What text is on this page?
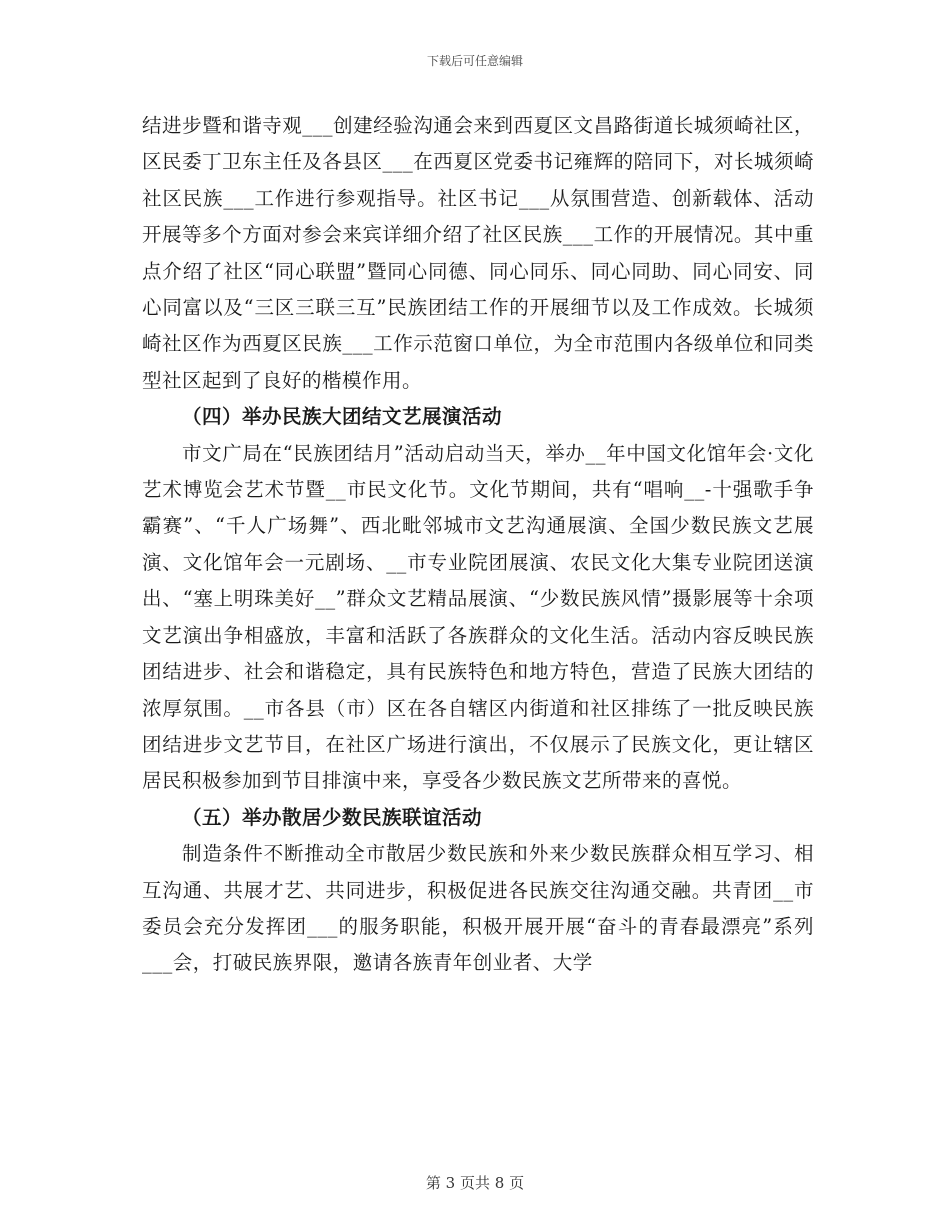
下载后可任意编辑

结进步暨和谐寺观___创建经验沟通会来到西夏区文昌路街道长城须崎社区，区民委丁卫东主任及各县区___在西夏区党委书记雍辉的陪同下，对长城须崎社区民族___工作进行参观指导。社区书记___从氛围营造、创新载体、活动开展等多个方面对参会来宾详细介绍了社区民族___工作的开展情况。其中重点介绍了社区“同心联盟”暨同心同德、同心同乐、同心同助、同心同安、同心同富以及“三区三联三互”民族团结工作的开展细节以及工作成效。长城须崎社区作为西夏区民族___工作示范窗口单位，为全市范围内各级单位和同类型社区起到了良好的楷模作用。

（四）举办民族大团结文艺展演活动

市文广局在“民族团结月”活动启动当天，举办__年中国文化馆年会·文化艺术博览会艺术节暨__市民文化节。文化节期间，共有“唱响__-十强歌手争霸赛”、“千人广场舞”、西北毗邻城市文艺沟通展演、全国少数民族文艺展演、文化馆年会一元剧场、__市专业院团展演、农民文化大集专业院团送演出、“塞上明珠美好__”群众文艺精品展演、“少数民族风情”摄影展等十余项文艺演出争相盛放，丰富和活跃了各族群众的文化生活。活动内容反映民族团结进步、社会和谐稳定，具有民族特色和地方特色，营造了民族大团结的浓厚氛围。__市各县（市）区在各自辖区内街道和社区排练了一批反映民族团结进步文艺节目，在社区广场进行演出，不仅展示了民族文化，更让辖区居民积极参加到节目排演中来，享受各少数民族文艺所带来的喜悦。

（五）举办散居少数民族联谊活动

制造条件不断推动全市散居少数民族和外来少数民族群众相互学习、相互沟通、共展才艺、共同进步，积极促进各民族交往沟通交融。共青团__市委员会充分发挥团___的服务职能，积极开展开展“奋斗的青春最漂亮”系列___会，打破民族界限，邀请各族青年创业者、大学

第 3 页共 8 页
